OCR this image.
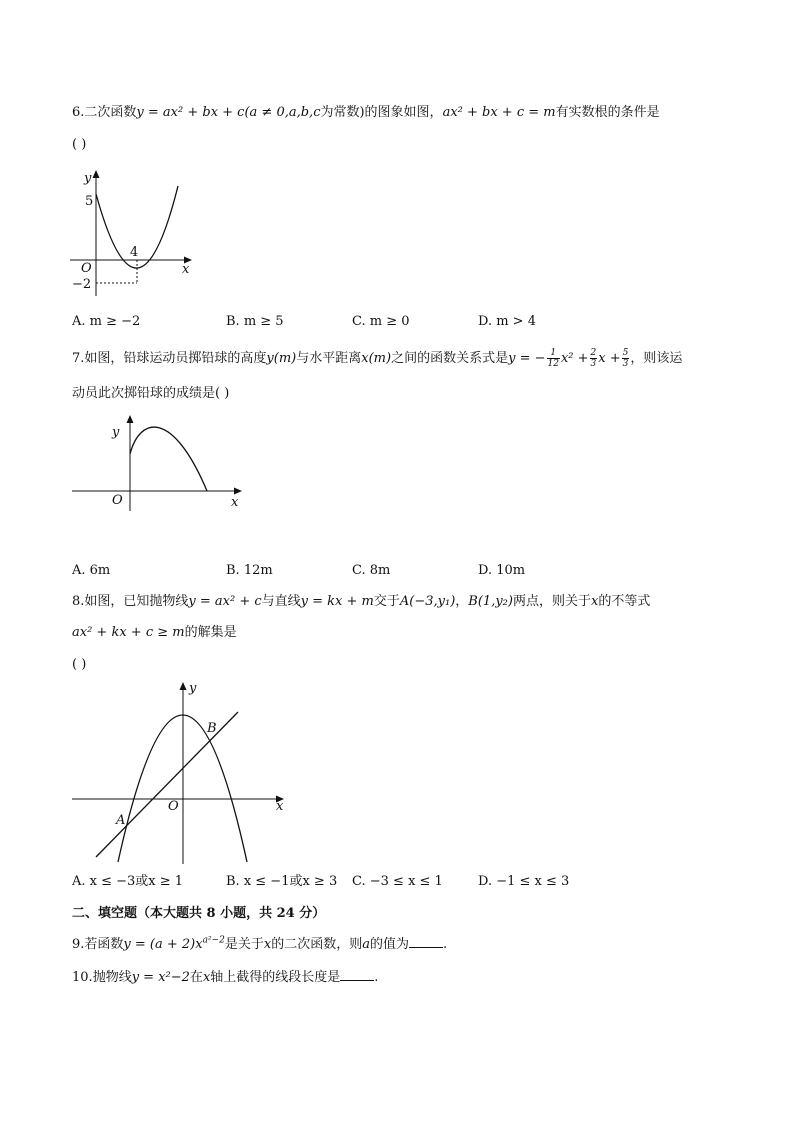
6.二次函数y = ax² + bx + c(a ≠ 0,a,b,c为常数)的图象如图，ax² + bx + c = m有实数根的条件是
( )
y
x
O
5
4
−2
A. m ≥ −2	B. m ≥ 5	C. m ≥ 0	D. m > 4
7.如图，铅球运动员掷铅球的高度y(m)与水平距离x(m)之间的函数关系式是y = − $\frac{1}{12} x^2 + \frac{2}{3}$ $x + \frac{5}{3}$ ，则该运
动员此次掷铅球的成绩是( )
y
x
O
A. 6m	B. 12m	C. 8m	D. 10m
8.如图，已知抛物线y = ax² + c与直线y = kx + m交于A(−3,y₁)，B(1,y₂)两点，则关于x的不等式
ax² + kx + c ≥ m的解集是
( )
y
x
O
A
B
A. x ≤ −3或x ≥ 1	B. x ≤ −1或x ≥ 3 C. −3 ≤ x ≤ 1	D. −1 ≤ x ≤ 3
二、填空题（本大题共 8 小题，共 24 分）
9.若函数$y = (a + 2)x^{a^2-2}$是关于x的二次函数，则a的值为	.
10.抛物线y = x²−2在x轴上截得的线段长度是	.
